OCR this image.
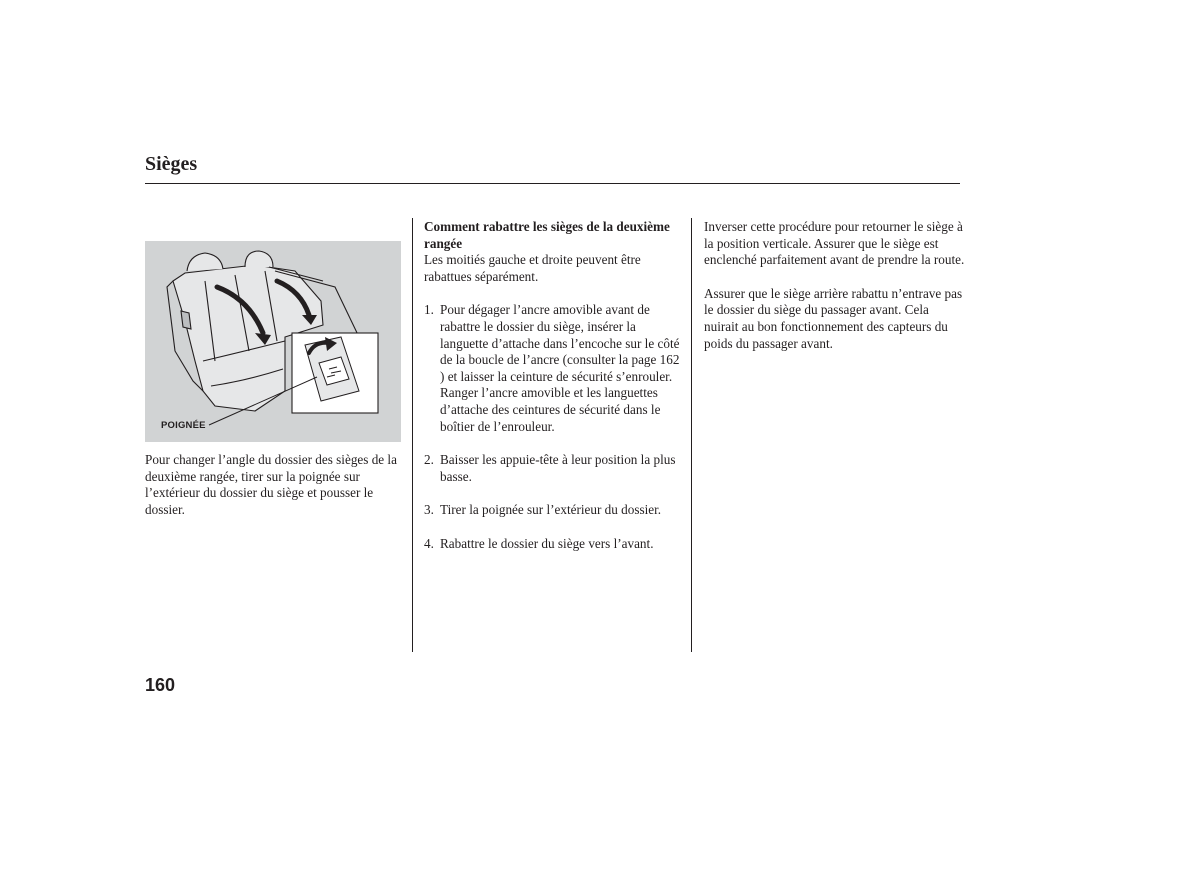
Sièges
POIGNÉE

Pour changer l’angle du dossier des sièges de la deuxième rangée, tirer sur la poignée sur l’extérieur du dossier du siège et pousser le dossier.

Comment rabattre les sièges de la deuxième rangée

Les moitiés gauche et droite peuvent être rabattues séparément.

1. Pour dégager l’ancre amovible avant de rabattre le dossier du siège, insérer la languette d’attache dans l’encoche sur le côté de la boucle de l’ancre (consulter la page 162 ) et laisser la ceinture de sécurité s’enrouler. Ranger l’ancre amovible et les languettes d’attache des ceintures de sécurité dans le boîtier de l’enrouleur.
2. Baisser les appuie-tête à leur position la plus basse.
3. Tirer la poignée sur l’extérieur du dossier.
4. Rabattre le dossier du siège vers l’avant.

Inverser cette procédure pour retourner le siège à la position verticale. Assurer que le siège est enclenché parfaitement avant de prendre la route.

Assurer que le siège arrière rabattu n’entrave pas le dossier du siège du passager avant. Cela nuirait au bon fonctionnement des capteurs du poids du passager avant.

160
